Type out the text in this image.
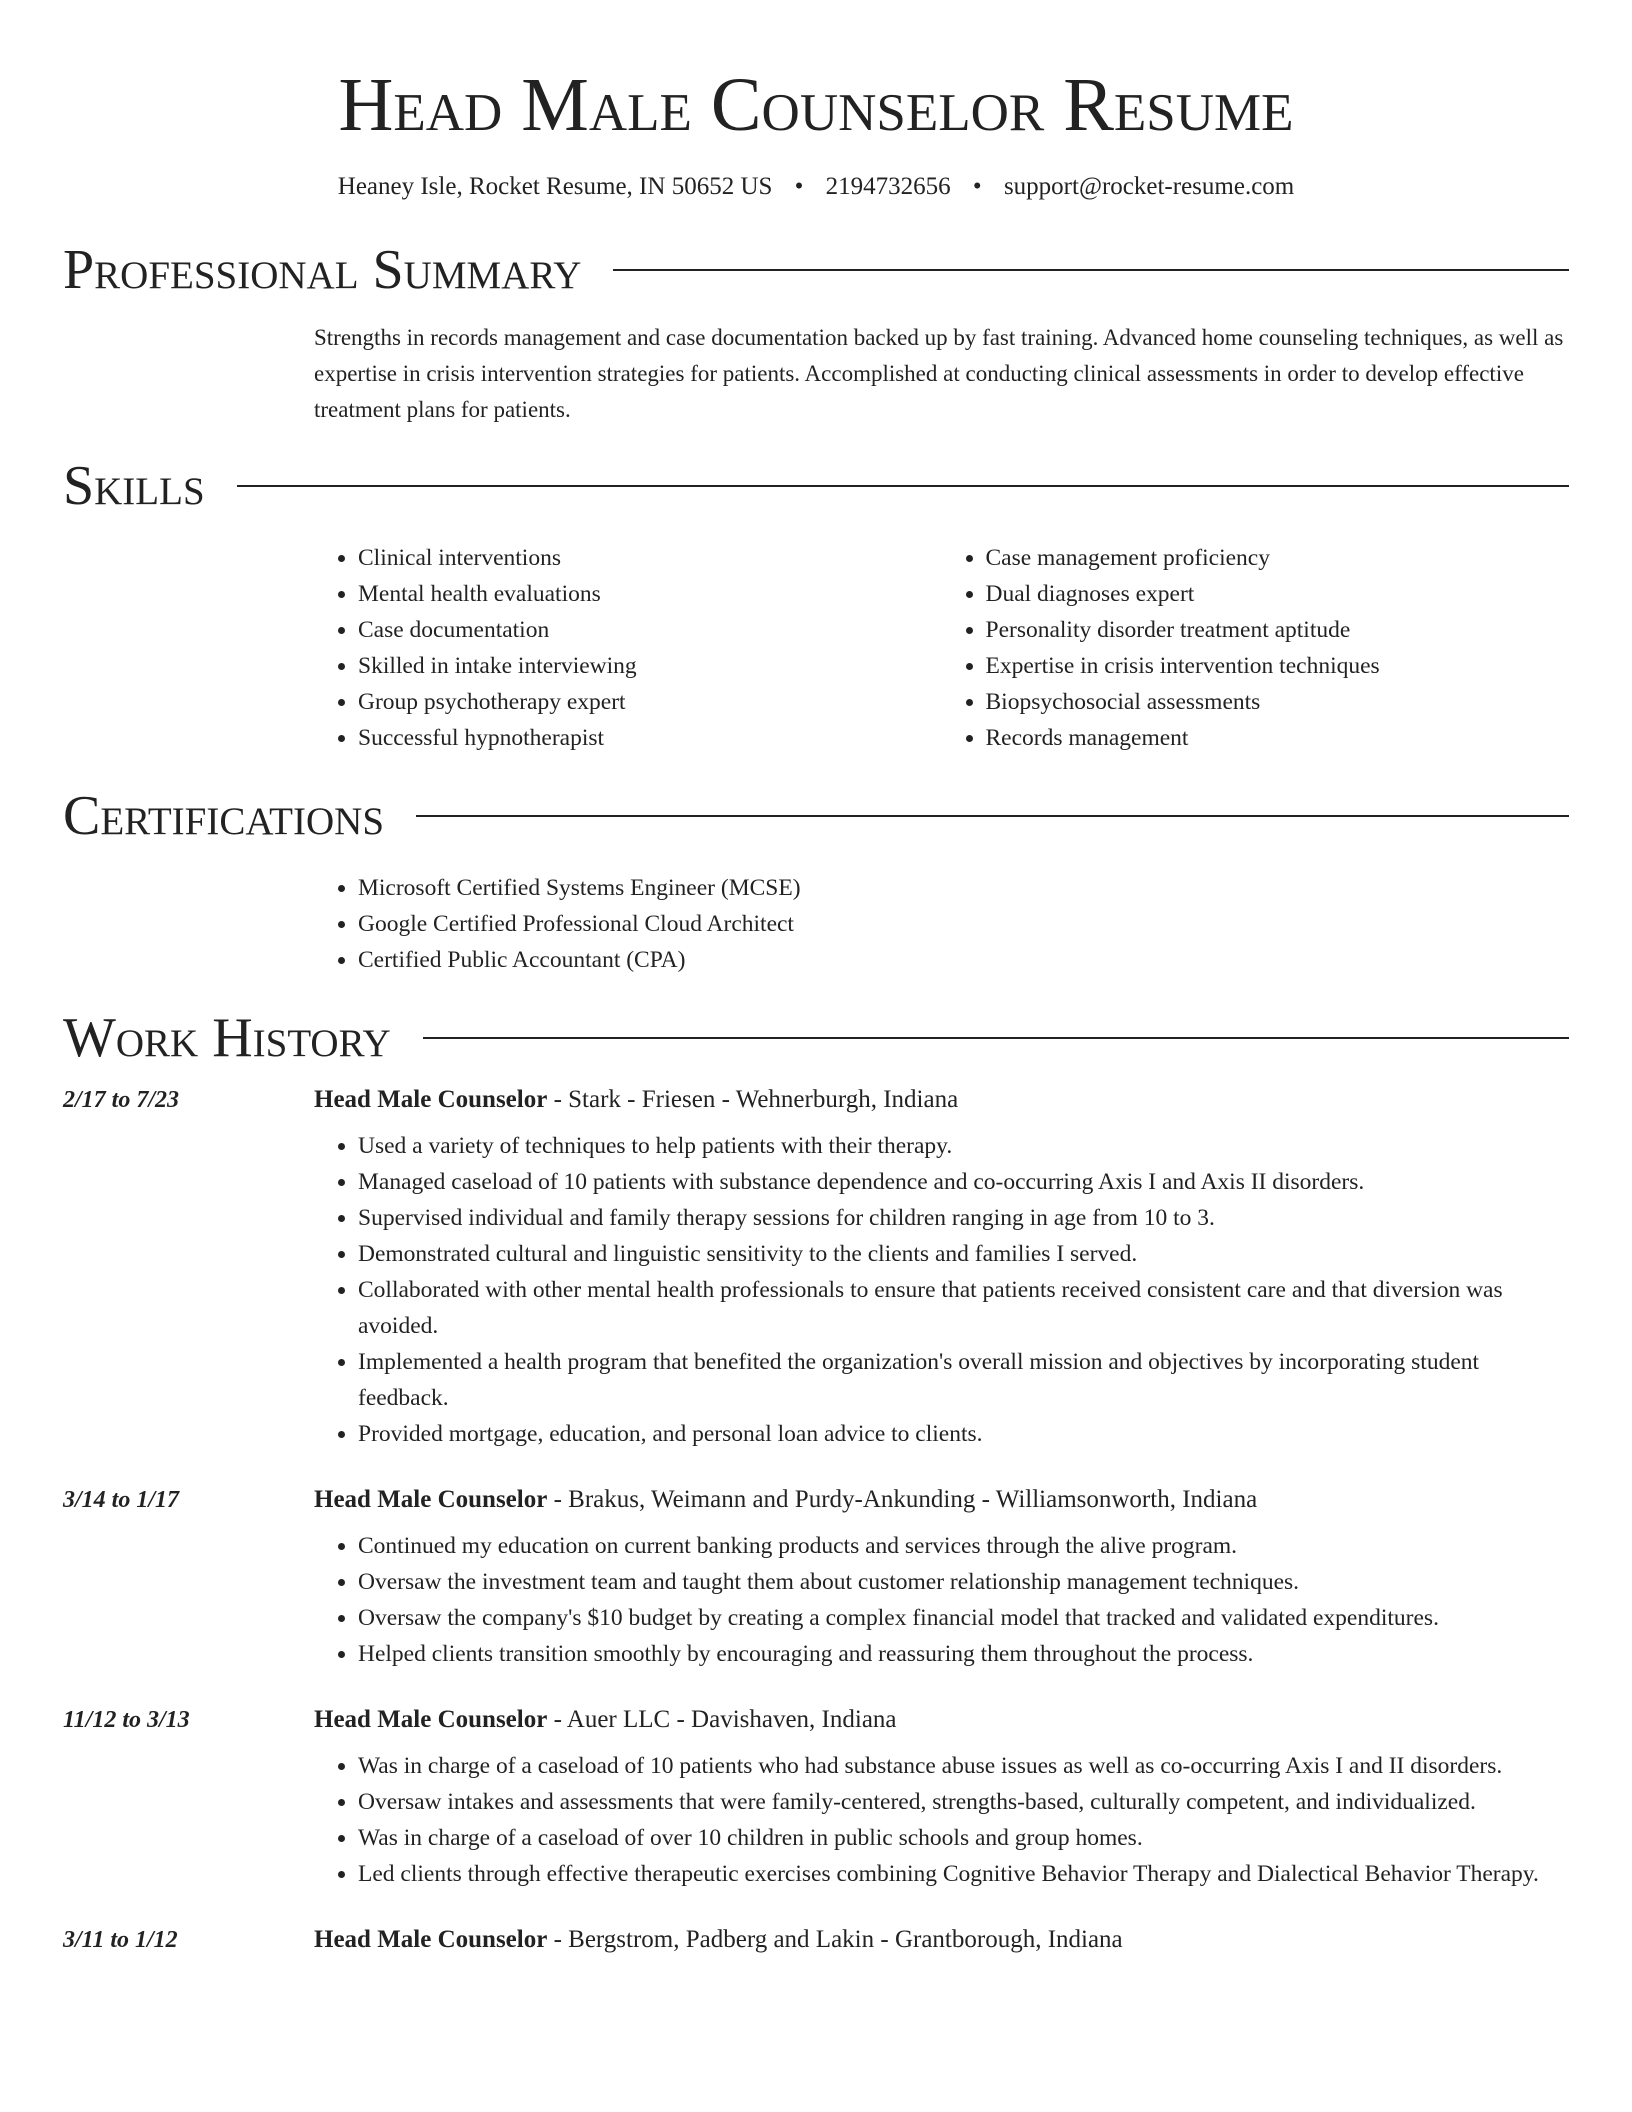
Head Male Counselor Resume
Heaney Isle, Rocket Resume, IN 50652 US • 2194732656 • support@rocket-resume.com
Professional Summary

Strengths in records management and case documentation backed up by fast training. Advanced home counseling techniques, as well as expertise in crisis intervention strategies for patients. Accomplished at conducting clinical assessments in order to develop effective treatment plans for patients.

Skills
• Clinical interventions
• Mental health evaluations
• Case documentation
• Skilled in intake interviewing
• Group psychotherapy expert
• Successful hypnotherapist
• Case management proficiency
• Dual diagnoses expert
• Personality disorder treatment aptitude
• Expertise in crisis intervention techniques
• Biopsychosocial assessments
• Records management
Certifications
• Microsoft Certified Systems Engineer (MCSE)
• Google Certified Professional Cloud Architect
• Certified Public Accountant (CPA)
Work History
2/17 to 7/23	Head Male Counselor - Stark - Friesen - Wehnerburgh, Indiana
• Used a variety of techniques to help patients with their therapy.
• Managed caseload of 10 patients with substance dependence and co-occurring Axis I and Axis II disorders.
• Supervised individual and family therapy sessions for children ranging in age from 10 to 3.
• Demonstrated cultural and linguistic sensitivity to the clients and families I served.
• Collaborated with other mental health professionals to ensure that patients received consistent care and that diversion was avoided.
• Implemented a health program that benefited the organization's overall mission and objectives by incorporating student feedback.
• Provided mortgage, education, and personal loan advice to clients.
3/14 to 1/17	Head Male Counselor - Brakus, Weimann and Purdy-Ankunding - Williamsonworth, Indiana
• Continued my education on current banking products and services through the alive program.
• Oversaw the investment team and taught them about customer relationship management techniques.
• Oversaw the company's $10 budget by creating a complex financial model that tracked and validated expenditures.
• Helped clients transition smoothly by encouraging and reassuring them throughout the process.
11/12 to 3/13	Head Male Counselor - Auer LLC - Davishaven, Indiana
• Was in charge of a caseload of 10 patients who had substance abuse issues as well as co-occurring Axis I and II disorders.
• Oversaw intakes and assessments that were family-centered, strengths-based, culturally competent, and individualized.
• Was in charge of a caseload of over 10 children in public schools and group homes.
• Led clients through effective therapeutic exercises combining Cognitive Behavior Therapy and Dialectical Behavior Therapy.
3/11 to 1/12	Head Male Counselor - Bergstrom, Padberg and Lakin - Grantborough, Indiana
